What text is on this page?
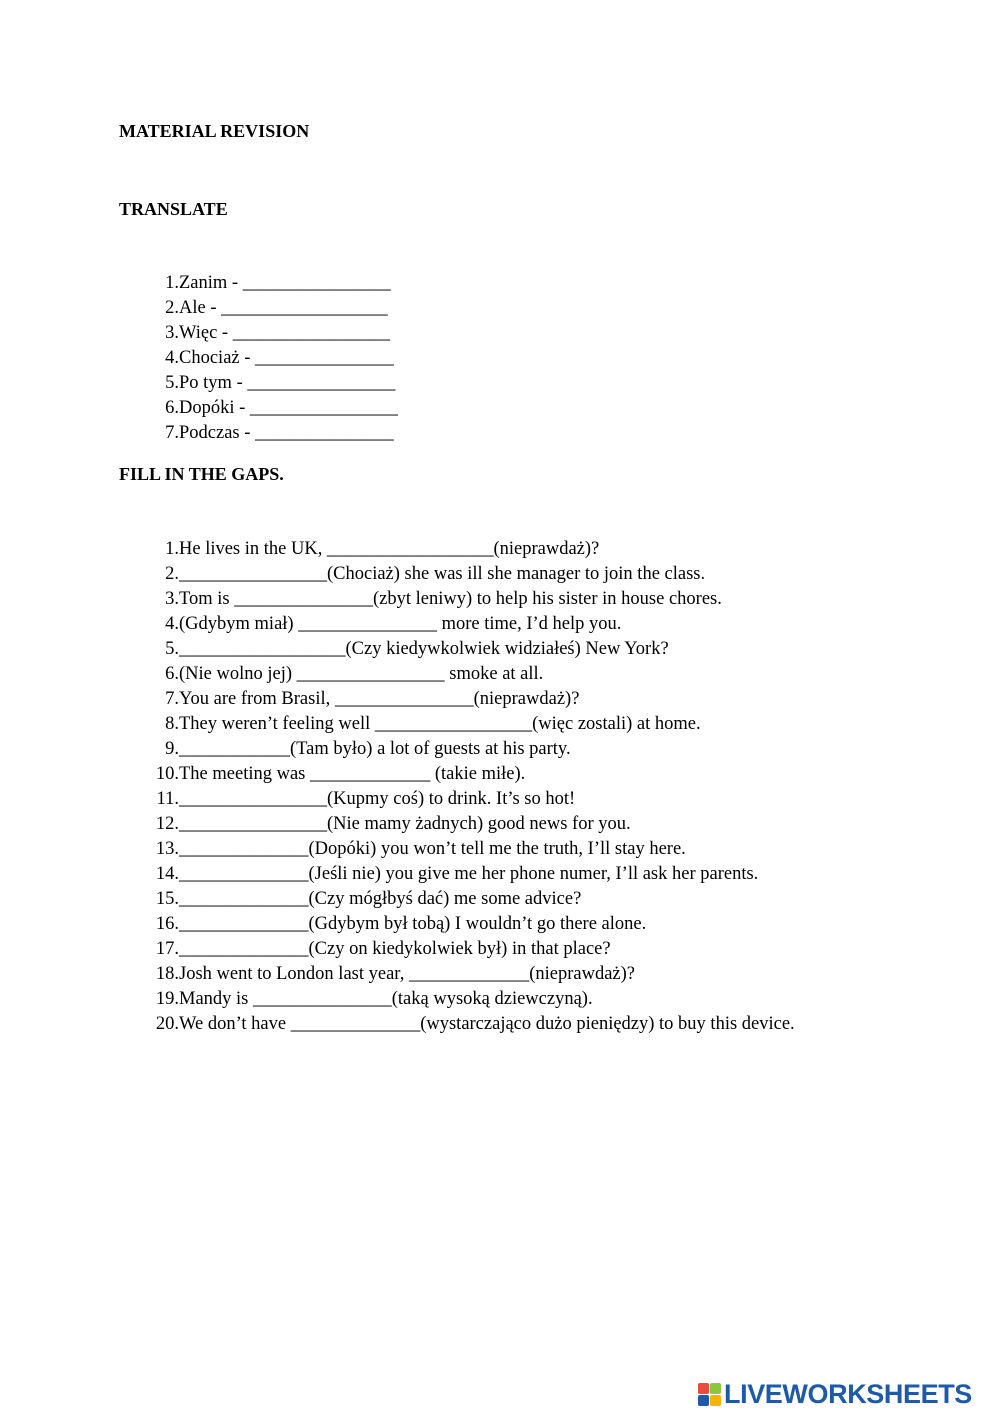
MATERIAL REVISION
TRANSLATE
1. Zanim - ________________
2. Ale - __________________
3. Więc - _________________
4. Chociaż - _______________
5. Po tym - ________________
6. Dopóki - ________________
7. Podczas - _______________
FILL IN THE GAPS.
1. He lives in the UK, __________________(nieprawdaż)?
2. ________________(Chociaż) she was ill she manager to join the class.
3. Tom is _______________(zbyt leniwy) to help his sister in house chores.
4. (Gdybym miał) _______________ more time, I’d help you.
5. __________________(Czy kiedywkolwiek widziałeś) New York?
6. (Nie wolno jej) ________________ smoke at all.
7. You are from Brasil, _______________(nieprawdaż)?
8. They weren’t feeling well _________________(więc zostali) at home.
9. ____________(Tam było) a lot of guests at his party.
10. The meeting was _____________ (takie miłe).
11. ________________(Kupmy coś) to drink. It’s so hot!
12. ________________(Nie mamy żadnych) good news for you.
13. ______________(Dopóki) you won’t tell me the truth, I’ll stay here.
14. ______________(Jeśli nie) you give me her phone numer, I’ll ask her parents.
15. ______________(Czy mógłbyś dać) me some advice?
16. ______________(Gdybym był tobą) I wouldn’t go there alone.
17. ______________(Czy on kiedykolwiek był) in that place?
18. Josh went to London last year, _____________(nieprawdaż)?
19. Mandy is _______________(taką wysoką dziewczyną).
20. We don’t have ______________(wystarczająco dużo pieniędzy) to buy this device.
LIVEWORKSHEETS
